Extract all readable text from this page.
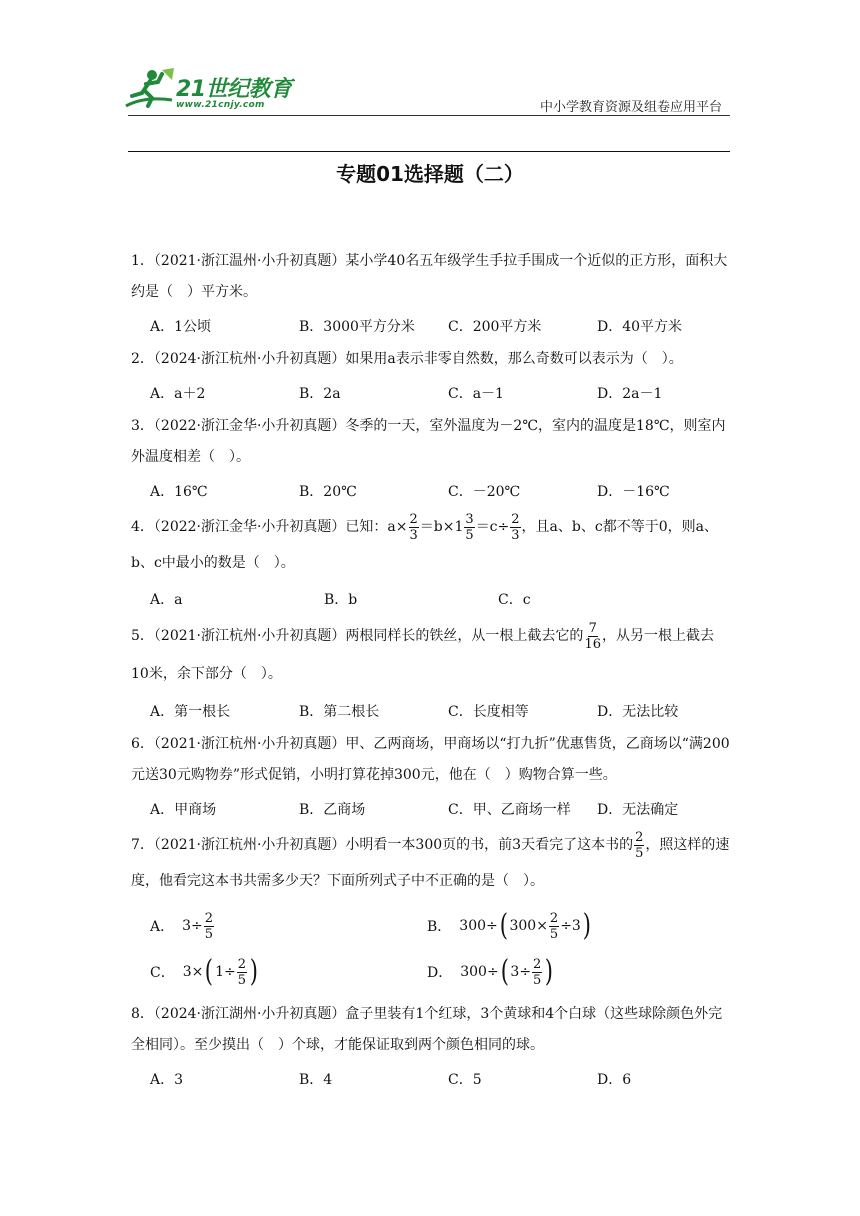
21世纪教育
www.21cnjy.com	中小学教育资源及组卷应用平台
专题01选择题（二）

1．（2021·浙江温州·小升初真题）某小学40名五年级学生手拉手围成一个近似的正方形，面积大约是（　）平方米。

A．1公顷	B．3000平方分米	C．200平方米	D．40平方米

2．（2024·浙江杭州·小升初真题）如果用a表示非零自然数，那么奇数可以表示为（　）。

A．a＋2	B．2a	C．a－1	D．2a－1

3．（2022·浙江金华·小升初真题）冬季的一天，室外温度为－2℃，室内的温度是18℃，则室内外温度相差（　）。

A．16℃	B．20℃	C．－20℃	D．－16℃

4．（2022·浙江金华·小升初真题）已知：$a\times \frac{2}{3} =b\times 1 \frac{3}{5} =c\div \frac{2}{3}$ ，且a、b、c都不等于0，则a、b、c中最小的数是（　）。

A．a	B．b	C．c

5．（2021·浙江杭州·小升初真题）两根同样长的铁丝，从一根上截去它的 $\frac{7}{16}$ ，从另一根上截去10米，余下部分（　）。

A．第一根长	B．第二根长	C．长度相等	D．无法比较

6．（2021·浙江杭州·小升初真题）甲、乙两商场，甲商场以“打九折”优惠售货，乙商场以“满200元送30元购物券”形式促销，小明打算花掉300元，他在（　）购物合算一些。

A．甲商场	B．乙商场	C．甲、乙商场一样	D．无法确定

7．（2021·浙江杭州·小升初真题）小明看一本300页的书，前3天看完了这本书的 $\frac{2}{5}$ ，照这样的速度，他看完这本书共需多少天？下面所列式子中不正确的是（　）。

A． $3\div \frac{2}{5}$	B． 300÷ ( $300\times \frac{2}{5} \div 3$ )
C． 3× ( $1\div \frac{2}{5}$ )	D． 300÷ ( $3\div \frac{2}{5}$ )

8．（2024·浙江湖州·小升初真题）盒子里装有1个红球，3个黄球和4个白球（这些球除颜色外完全相同）。至少摸出（　）个球，才能保证取到两个颜色相同的球。

A．3	B．4	C．5	D．6
